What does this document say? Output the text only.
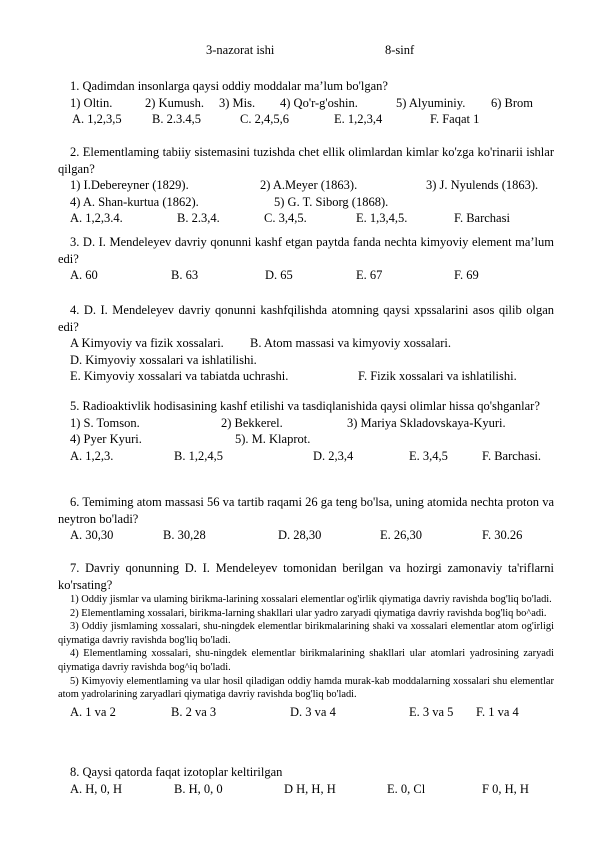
3-nazorat ishi	8-sinf
1. Qadimdan insonlarga qaysi oddiy moddalar ma’lum bo'lgan?
1) Oltin.	2) Kumush. 3) Mis. 4) Qo'r-g'oshin.	5) Alyuminiy. 6) Brom
A. 1,2,3,5 B. 2.3.4,5	C. 2,4,5,6	E. 1,2,3,4	F. Faqat 1

2. Elementlaming tabiiy sistemasini tuzishda chet ellik olimlardan kimlar ko'zga ko'rinarii ishlar qilgan?

1) I.Debereyner (1829).	2) A.Meyer (1863).	3) J. Nyulends (1863).
4) A. Shan-kurtua (1862).	5) G. T. Siborg (1868).
A. 1,2,3.4.	B. 2.3,4.	C. 3,4,5.	E. 1,3,4,5.	F. Barchasi

3. D. I. Mendeleyev davriy qonunni kashf etgan paytda fanda nechta kimyoviy element ma’lum edi?

A. 60	B. 63	D. 65	E. 67	F. 69

4. D. I. Mendeleyev davriy qonunni kashfqilishda atomning qaysi xpssalarini asos qilib olgan edi?

A Kimyoviy va fizik xossalari. B. Atom massasi va kimyoviy xossalari.
D. Kimyoviy xossalari va ishlatilishi.
E. Kimyoviy xossalari va tabiatda uchrashi.	F. Fizik xossalari va ishlatilishi.

5. Radioaktivlik hodisasining kashf etilishi va tasdiqlanishida qaysi olimlar hissa qo'shganlar?

1) S. Tomson.	2) Bekkerel.	3) Mariya Skladovskaya-Kyuri.
4) Pyer Kyuri.	5). M. Klaprot.
A. 1,2,3.	B. 1,2,4,5	D. 2,3,4	E. 3,4,5	F. Barchasi.

6. Temiming atom massasi 56 va tartib raqami 26 ga teng bo'lsa, uning atomida nechta proton va neytron bo'ladi?

A. 30,30	B. 30,28	D. 28,30	E. 26,30	F. 30.26

7. Davriy qonunning D. I. Mendeleyev tomonidan berilgan va hozirgi zamonaviy ta'riflarni ko'rsating?

1) Oddiy jismlar va ulaming birikma-larining xossalari elementlar og'irlik qiymatiga davriy ravishda bog'liq bo'ladi.

2) Elementlaming xossalari, birikma-larning shakllari ular yadro zaryadi qiymatiga davriy ravishda bog'liq bo^adi.

3) Oddiy jismlaming xossalari, shu-ningdek elementlar birikmalarining shaki va xossalari elementlar atom og'irligi qiymatiga davriy ravishda bog'liq bo'ladi.

4) Elementlaming xossalari, shu-ningdek elementlar birikmalarining shakllari ular atomlari yadrosining zaryadi qiymatiga davriy ravishda bog^iq bo'ladi.

5) Kimyoviy elementlaming va ular hosil qiladigan oddiy hamda murak-kab moddalarning xossalari shu elementlar atom yadrolarining zaryadlari qiymatiga davriy ravishda bog'liq bo'ladi.

A. 1 va 2	B. 2 va 3	D. 3 va 4	E. 3 va 5 F. 1 va 4
8. Qaysi qatorda faqat izotoplar keltirilgan
A. H, 0, H	B. H, 0, 0	D H, H, H	E. 0, Cl	F 0, H, H
